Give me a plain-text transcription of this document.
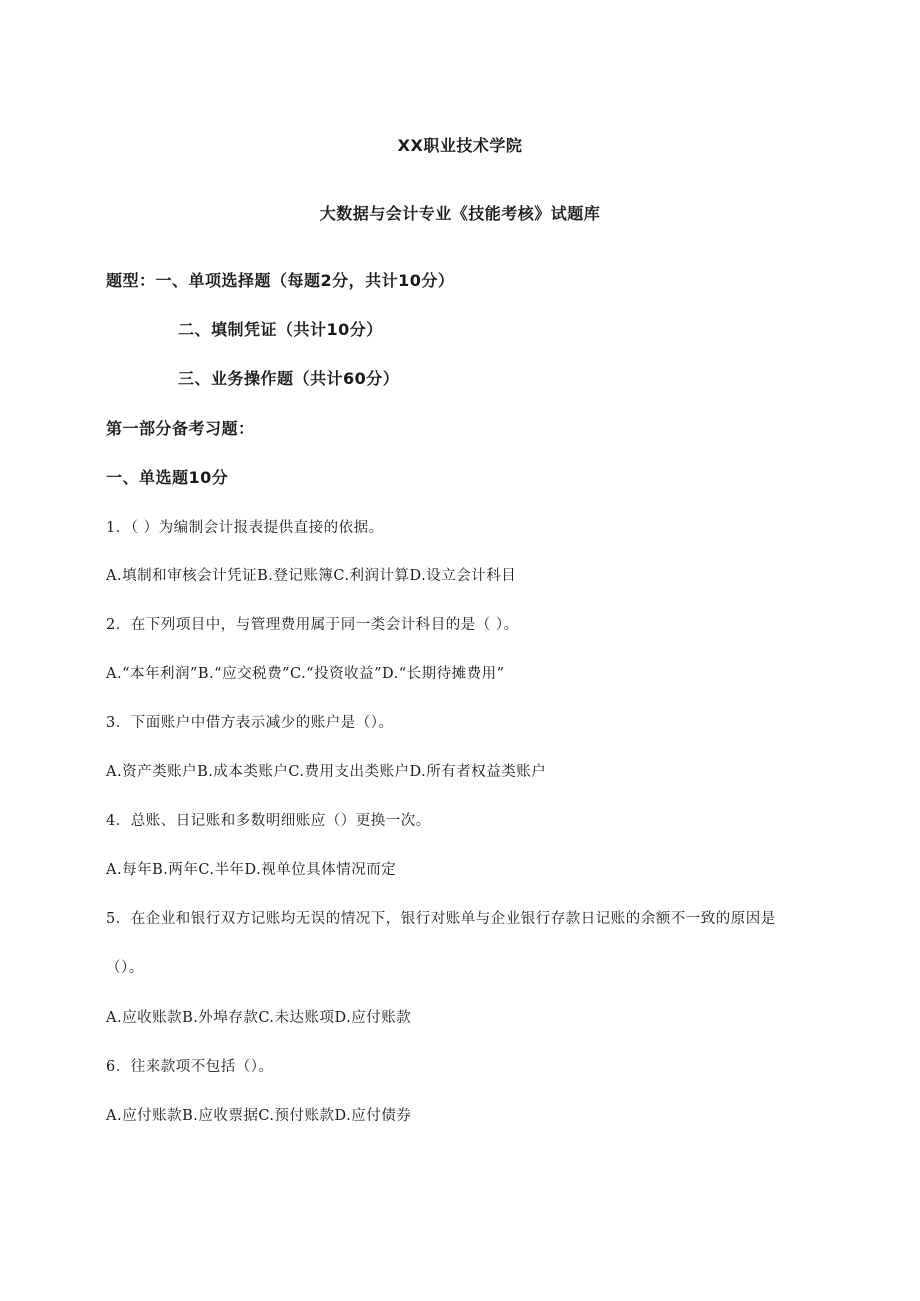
XX职业技术学院
大数据与会计专业《技能考核》试题库
题型：一、单项选择题（每题2分，共计10分）
二、填制凭证（共计10分）
三、业务操作题（共计60分）
第一部分备考习题：
一、单选题10分
1．（ ）为编制会计报表提供直接的依据。
A.填制和审核会计凭证B.登记账簿C.利润计算D.设立会计科目
2．在下列项目中，与管理费用属于同一类会计科目的是（ ）。
A.“本年利润”B.“应交税费”C.“投资收益”D.“长期待摊费用”
3．下面账户中借方表示减少的账户是（）。
A.资产类账户B.成本类账户C.费用支出类账户D.所有者权益类账户
4．总账、日记账和多数明细账应（）更换一次。
A.每年B.两年C.半年D.视单位具体情况而定
5．在企业和银行双方记账均无误的情况下，银行对账单与企业银行存款日记账的余额不一致的原因是
（）。
A.应收账款B.外埠存款C.未达账项D.应付账款
6．往来款项不包括（）。
A.应付账款B.应收票据C.预付账款D.应付债券
